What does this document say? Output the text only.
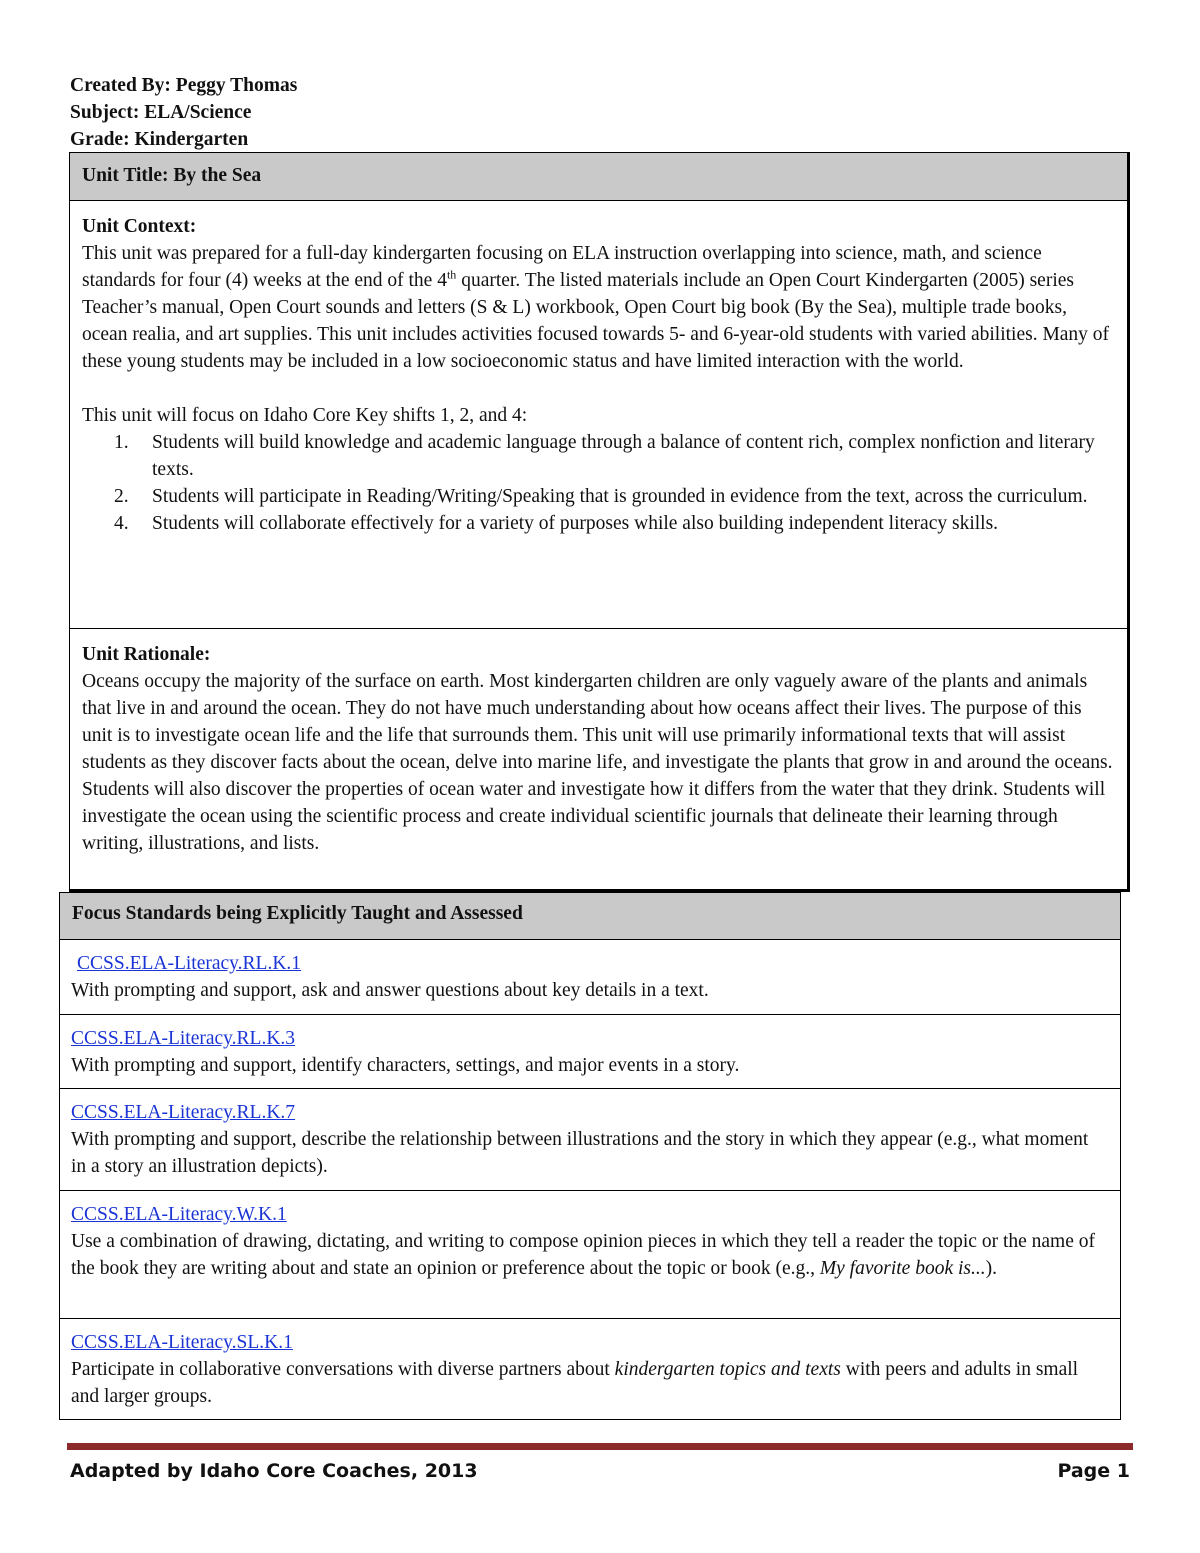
Created By: Peggy Thomas
Subject: ELA/Science
Grade: Kindergarten
Unit Title: By the Sea
Unit Context:

This unit was prepared for a full-day kindergarten focusing on ELA instruction overlapping into science, math, and science standards for four (4) weeks at the end of the 4th quarter. The listed materials include an Open Court Kindergarten (2005) series Teacher’s manual, Open Court sounds and letters (S & L) workbook, Open Court big book (By the Sea), multiple trade books, ocean realia, and art supplies. This unit includes activities focused towards 5- and 6-year-old students with varied abilities. Many of these young students may be included in a low socioeconomic status and have limited interaction with the world.

This unit will focus on Idaho Core Key shifts 1, 2, and 4:

1. Students will build knowledge and academic language through a balance of content rich, complex nonfiction and literary texts.
2. Students will participate in Reading/Writing/Speaking that is grounded in evidence from the text, across the curriculum.
4. Students will collaborate effectively for a variety of purposes while also building independent literacy skills.
Unit Rationale:

Oceans occupy the majority of the surface on earth. Most kindergarten children are only vaguely aware of the plants and animals that live in and around the ocean. They do not have much understanding about how oceans affect their lives. The purpose of this unit is to investigate ocean life and the life that surrounds them. This unit will use primarily informational texts that will assist students as they discover facts about the ocean, delve into marine life, and investigate the plants that grow in and around the oceans. Students will also discover the properties of ocean water and investigate how it differs from the water that they drink. Students will investigate the ocean using the scientific process and create individual scientific journals that delineate their learning through writing, illustrations, and lists.

Focus Standards being Explicitly Taught and Assessed
CCSS.ELA-Literacy.RL.K.1
With prompting and support, ask and answer questions about key details in a text.
CCSS.ELA-Literacy.RL.K.3
With prompting and support, identify characters, settings, and major events in a story.
CCSS.ELA-Literacy.RL.K.7
With prompting and support, describe the relationship between illustrations and the story in which they appear (e.g., what moment in a story an illustration depicts).
CCSS.ELA-Literacy.W.K.1
Use a combination of drawing, dictating, and writing to compose opinion pieces in which they tell a reader the topic or the name of the book they are writing about and state an opinion or preference about the topic or book (e.g., My favorite book is...).
CCSS.ELA-Literacy.SL.K.1
Participate in collaborative conversations with diverse partners about kindergarten topics and texts with peers and adults in small and larger groups.
Adapted by Idaho Core Coaches, 2013	Page 1
